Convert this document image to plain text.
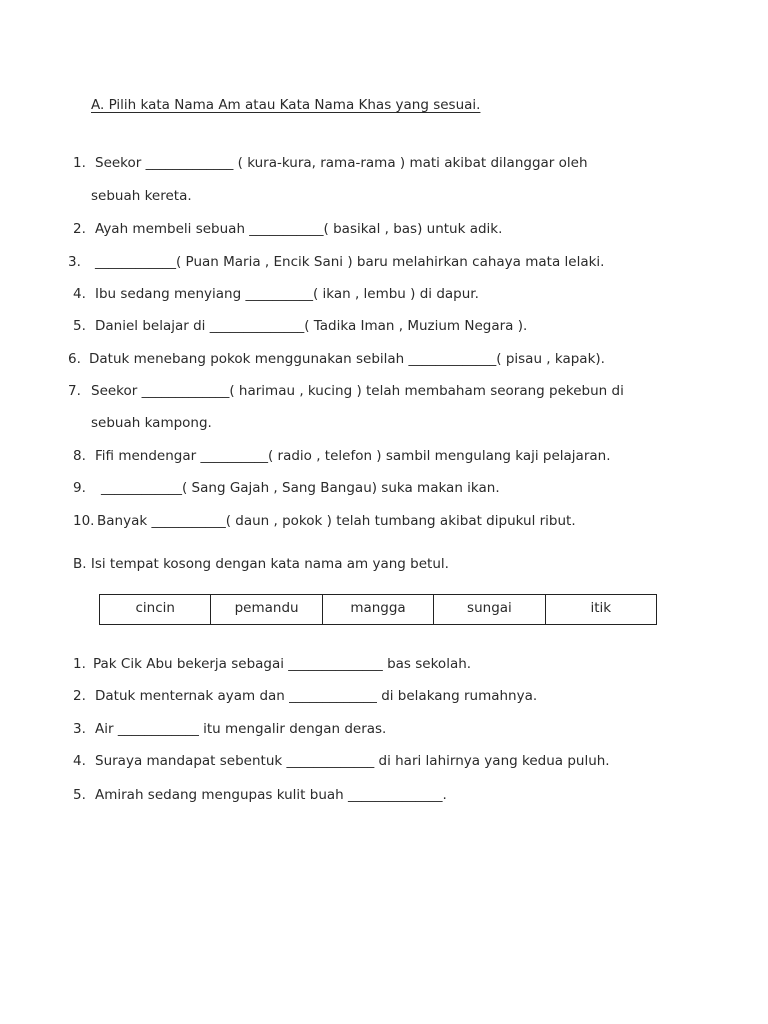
A. Pilih kata Nama Am atau Kata Nama Khas yang sesuai.
1. Seekor _____________ ( kura-kura, rama-rama ) mati akibat dilanggar oleh
sebuah kereta.
2. Ayah membeli sebuah ___________( basikal , bas) untuk adik.
3. ____________( Puan Maria , Encik Sani ) baru melahirkan cahaya mata lelaki.
4. Ibu sedang menyiang __________( ikan , lembu ) di dapur.
5. Daniel belajar di ______________( Tadika Iman , Muzium Negara ).
6. Datuk menebang pokok menggunakan sebilah _____________( pisau , kapak).
7. Seekor _____________( harimau , kucing ) telah membaham seorang pekebun di
sebuah kampong.
8. Fifi mendengar __________( radio , telefon ) sambil mengulang kaji pelajaran.
9. ____________( Sang Gajah , Sang Bangau) suka makan ikan.
10. Banyak ___________( daun , pokok ) telah tumbang akibat dipukul ribut.
B. Isi tempat kosong dengan kata nama am yang betul.
cincin	pemandu	mangga	sungai	itik
1. Pak Cik Abu bekerja sebagai ______________ bas sekolah.
2. Datuk menternak ayam dan _____________ di belakang rumahnya.
3. Air ____________ itu mengalir dengan deras.
4. Suraya mandapat sebentuk _____________ di hari lahirnya yang kedua puluh.
5. Amirah sedang mengupas kulit buah ______________.
